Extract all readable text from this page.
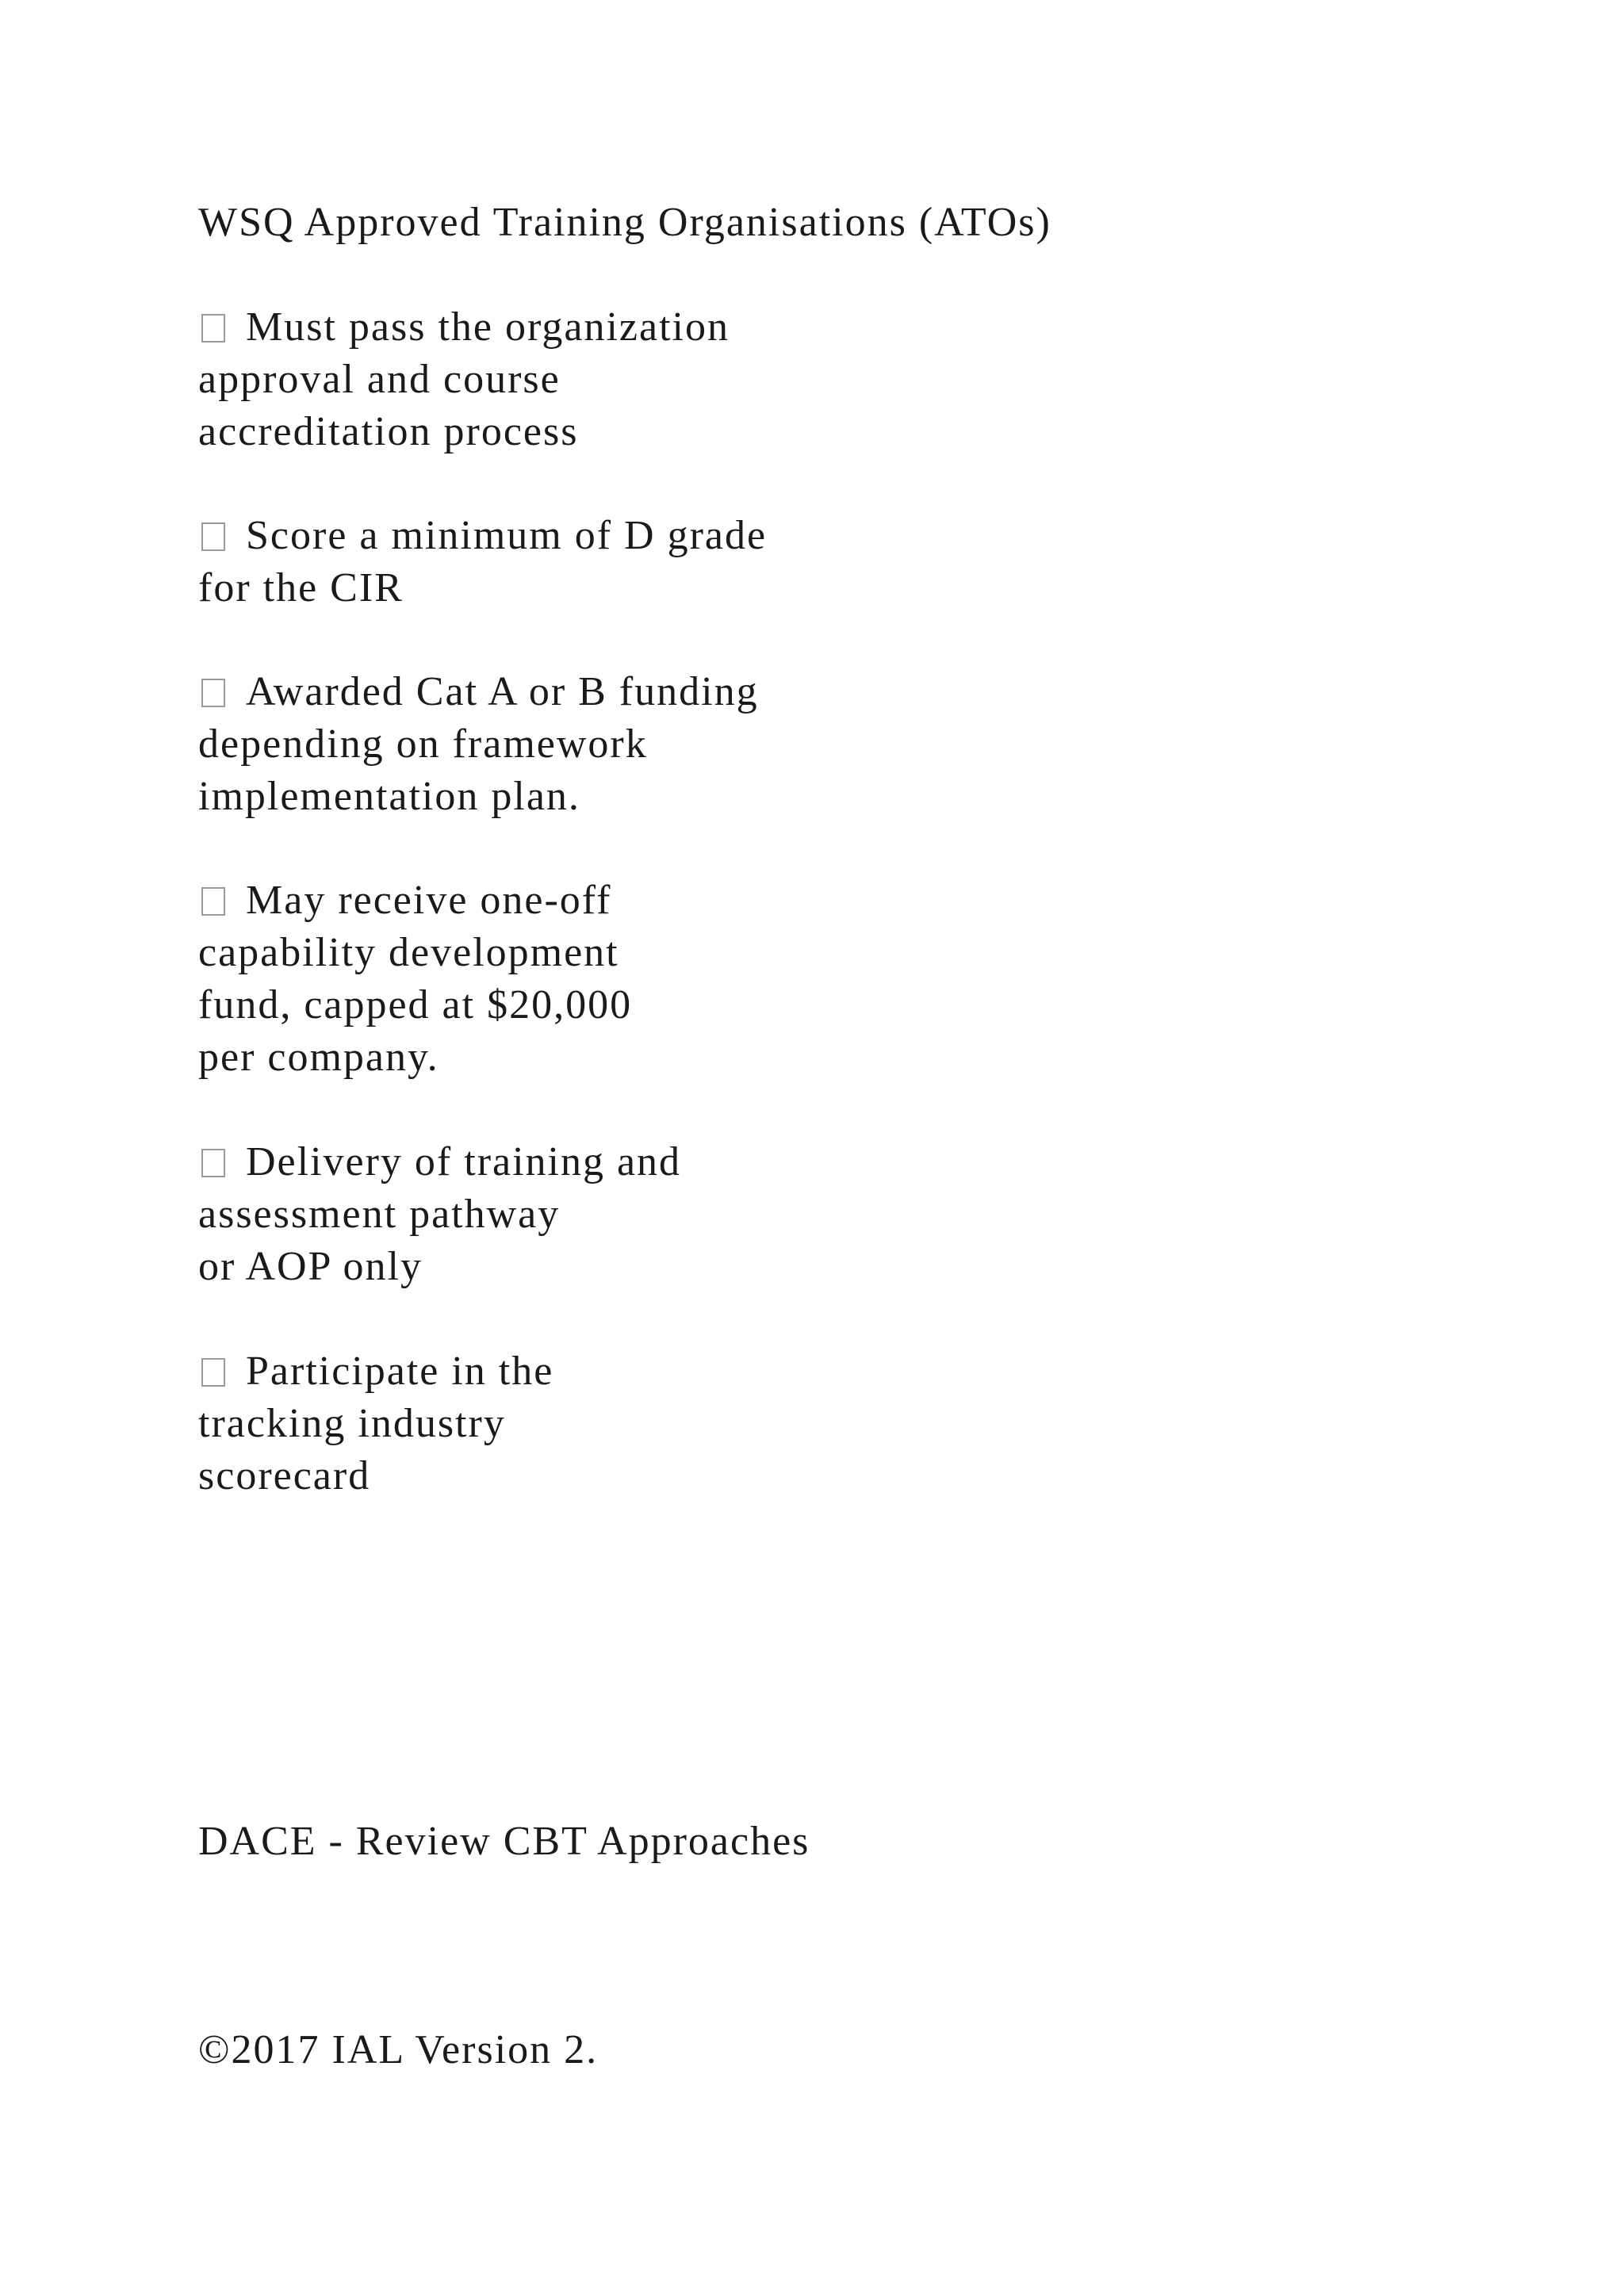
WSQ Approved Training Organisations (ATOs)

Must pass the organization
approval and course
accreditation process
Score a minimum of D grade
for the CIR
Awarded Cat A or B funding
depending on framework
implementation plan.
May receive one-off
capability development
fund, capped at $20,000
per company.
Delivery of training and
assessment pathway
or AOP only
Participate in the
tracking industry
scorecard

DACE - Review CBT Approaches

©2017 IAL Version 2.
